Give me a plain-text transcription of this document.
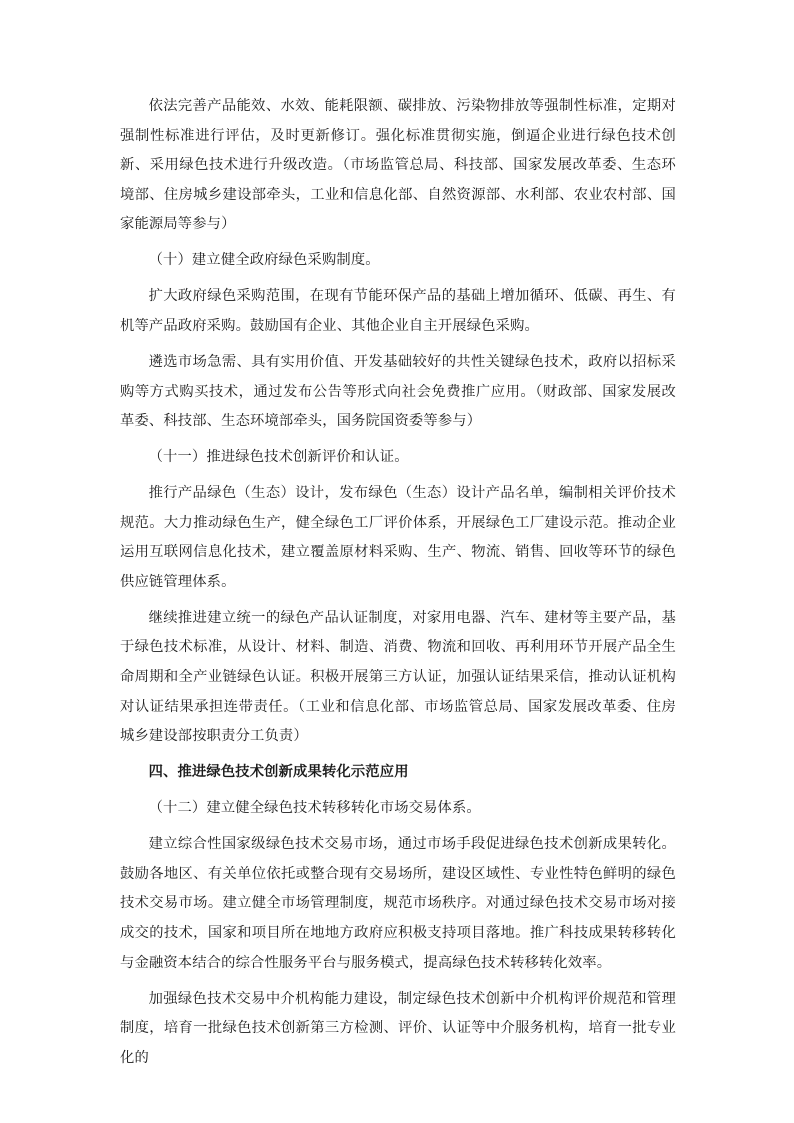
依法完善产品能效、水效、能耗限额、碳排放、污染物排放等强制性标准，定期对强制性标准进行评估，及时更新修订。强化标准贯彻实施，倒逼企业进行绿色技术创新、采用绿色技术进行升级改造。（市场监管总局、科技部、国家发展改革委、生态环境部、住房城乡建设部牵头，工业和信息化部、自然资源部、水利部、农业农村部、国家能源局等参与）

（十）建立健全政府绿色采购制度。

扩大政府绿色采购范围，在现有节能环保产品的基础上增加循环、低碳、再生、有机等产品政府采购。鼓励国有企业、其他企业自主开展绿色采购。

遴选市场急需、具有实用价值、开发基础较好的共性关键绿色技术，政府以招标采购等方式购买技术，通过发布公告等形式向社会免费推广应用。（财政部、国家发展改革委、科技部、生态环境部牵头，国务院国资委等参与）

（十一）推进绿色技术创新评价和认证。

推行产品绿色（生态）设计，发布绿色（生态）设计产品名单，编制相关评价技术规范。大力推动绿色生产，健全绿色工厂评价体系，开展绿色工厂建设示范。推动企业运用互联网信息化技术，建立覆盖原材料采购、生产、物流、销售、回收等环节的绿色供应链管理体系。

继续推进建立统一的绿色产品认证制度，对家用电器、汽车、建材等主要产品，基于绿色技术标准，从设计、材料、制造、消费、物流和回收、再利用环节开展产品全生命周期和全产业链绿色认证。积极开展第三方认证，加强认证结果采信，推动认证机构对认证结果承担连带责任。（工业和信息化部、市场监管总局、国家发展改革委、住房城乡建设部按职责分工负责）

四、推进绿色技术创新成果转化示范应用

（十二）建立健全绿色技术转移转化市场交易体系。

建立综合性国家级绿色技术交易市场，通过市场手段促进绿色技术创新成果转化。鼓励各地区、有关单位依托或整合现有交易场所，建设区域性、专业性特色鲜明的绿色技术交易市场。建立健全市场管理制度，规范市场秩序。对通过绿色技术交易市场对接成交的技术，国家和项目所在地地方政府应积极支持项目落地。推广科技成果转移转化与金融资本结合的综合性服务平台与服务模式，提高绿色技术转移转化效率。

加强绿色技术交易中介机构能力建设，制定绿色技术创新中介机构评价规范和管理制度，培育一批绿色技术创新第三方检测、评价、认证等中介服务机构，培育一批专业化的
